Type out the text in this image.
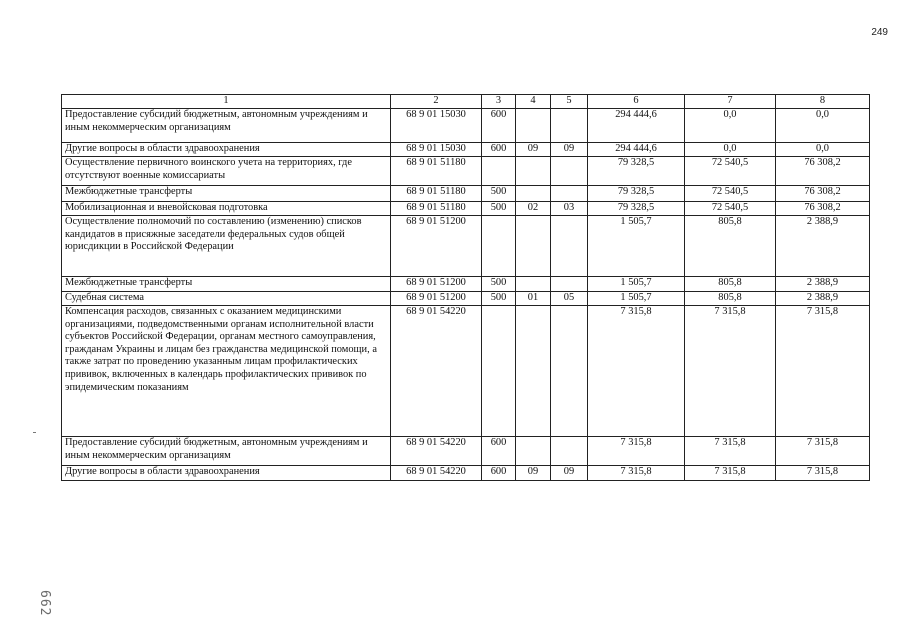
249
1	2	3	4	5	6	7	8
Предоставление субсидий бюджетным, автономным учреждениям и иным некоммерческим организациям	68 9 01 15030	600			294 444,6	0,0	0,0
Другие вопросы в области здравоохранения	68 9 01 15030	600	09	09	294 444,6	0,0	0,0
Осуществление первичного воинского учета на территориях, где отсутствуют военные комиссариаты	68 9 01 51180				79 328,5	72 540,5	76 308,2
Межбюджетные трансферты	68 9 01 51180	500			79 328,5	72 540,5	76 308,2
Мобилизационная и вневойсковая подготовка	68 9 01 51180	500	02	03	79 328,5	72 540,5	76 308,2
Осуществление полномочий по составлению (изменению) списков кандидатов в присяжные заседатели федеральных судов общей юрисдикции в Российской Федерации	68 9 01 51200				1 505,7	805,8	2 388,9
Межбюджетные трансферты	68 9 01 51200	500			1 505,7	805,8	2 388,9
Судебная система	68 9 01 51200	500	01	05	1 505,7	805,8	2 388,9
Компенсация расходов, связанных с оказанием медицинскими организациями, подведомственными органам исполнительной власти субъектов Российской Федерации, органам местного самоуправления, гражданам Украины и лицам без гражданства медицинской помощи, а также затрат по проведению указанным лицам профилактических прививок, включенных в календарь профилактических прививок по эпидемическим показаниям	68 9 01 54220				7 315,8	7 315,8	7 315,8
Предоставление субсидий бюджетным, автономным учреждениям и иным некоммерческим организациям	68 9 01 54220	600			7 315,8	7 315,8	7 315,8
Другие вопросы в области здравоохранения	68 9 01 54220	600	09	09	7 315,8	7 315,8	7 315,8
662
